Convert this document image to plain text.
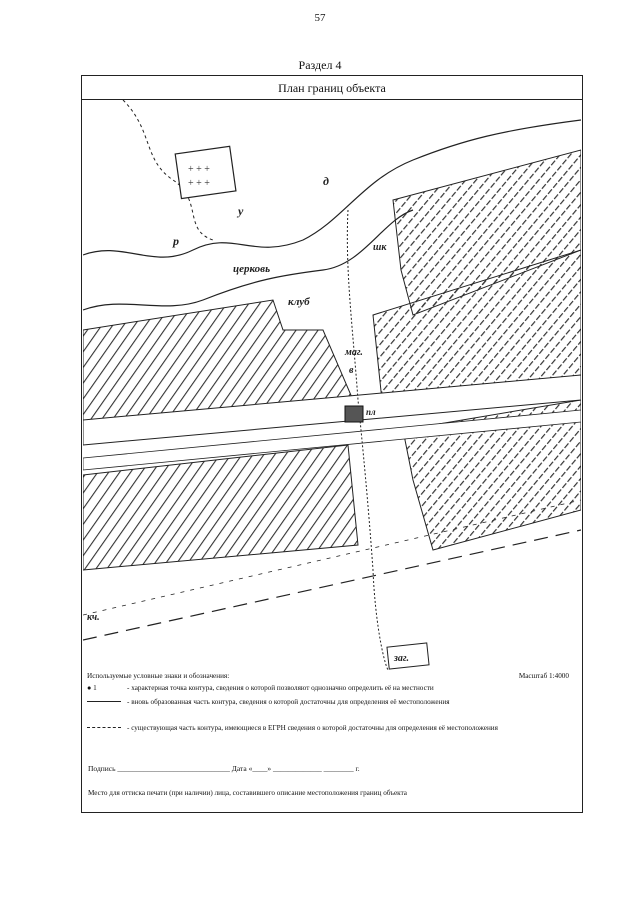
57
Раздел 4
План границ объекта
+ + +
+ + +
церковь
клуб
шк
маг.
в
д
у
р
пл
кч.
заг.
Используемые условные знаки и обозначения:	Масштаб 1:4000
● 1	- характерная точка контура, сведения о которой позволяют однозначно определить её на местности
- вновь образованная часть контура, сведения о которой достаточны для определения её местоположения
- существующая часть контура, имеющиеся в ЕГРН сведения о которой достаточны для определения её местоположения
Подпись ______________________________ Дата «____» _____________ ________ г.
Место для оттиска печати (при наличии) лица, составившего описание местоположения границ объекта
